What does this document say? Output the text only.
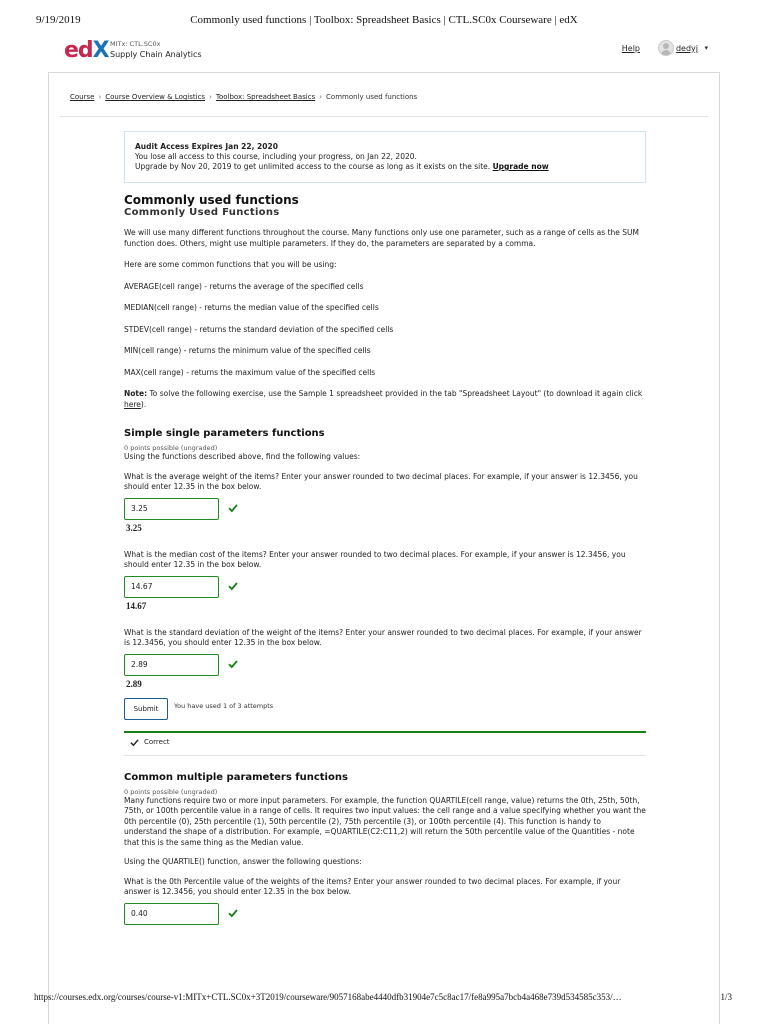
9/19/2019	Commonly used functions | Toolbox: Spreadsheet Basics | CTL.SC0x Courseware | edX
edX MITx: CTL.SC0x
Supply Chain Analytics
Help	dedyj ▾
Course › Course Overview & Logistics › Toolbox: Spreadsheet Basics › Commonly used functions
Audit Access Expires Jan 22, 2020
You lose all access to this course, including your progress, on Jan 22, 2020.
Upgrade by Nov 20, 2019 to get unlimited access to the course as long as it exists on the site. Upgrade now
Commonly used functions
Commonly Used Functions

We will use many different functions throughout the course. Many functions only use one parameter, such as a range of cells as the SUM function does. Others, might use multiple parameters. If they do, the parameters are separated by a comma.

Here are some common functions that you will be using:

AVERAGE(cell range) - returns the average of the specified cells

MEDIAN(cell range) - returns the median value of the specified cells

STDEV(cell range) - returns the standard deviation of the specified cells

MIN(cell range) - returns the minimum value of the specified cells

MAX(cell range) - returns the maximum value of the specified cells

Note: To solve the following exercise, use the Sample 1 spreadsheet provided in the tab "Spreadsheet Layout" (to download it again click here).

Simple single parameters functions
0 points possible (ungraded)

Using the functions described above, find the following values:

What is the average weight of the items? Enter your answer rounded to two decimal places. For example, if your answer is 12.3456, you should enter 12.35 in the box below.

3.25
3.25

What is the median cost of the items? Enter your answer rounded to two decimal places. For example, if your answer is 12.3456, you should enter 12.35 in the box below.

14.67
14.67

What is the standard deviation of the weight of the items? Enter your answer rounded to two decimal places. For example, if your answer is 12.3456, you should enter 12.35 in the box below.

2.89
2.89
Submit	You have used 1 of 3 attempts
Correct
Common multiple parameters functions
0 points possible (ungraded)

Many functions require two or more input parameters. For example, the function QUARTILE(cell range, value) returns the 0th, 25th, 50th, 75th, or 100th percentile value in a range of cells. It requires two input values: the cell range and a value specifying whether you want the 0th percentile (0), 25th percentile (1), 50th percentile (2), 75th percentile (3), or 100th percentile (4). This function is handy to understand the shape of a distribution. For example, =QUARTILE(C2:C11,2) will return the 50th percentile value of the Quantities - note that this is the same thing as the Median value.

Using the QUARTILE() function, answer the following questions:

What is the 0th Percentile value of the weights of the items? Enter your answer rounded to two decimal places. For example, if your answer is 12.3456, you should enter 12.35 in the box below.

0.40
https://courses.edx.org/courses/course-v1:MITx+CTL.SC0x+3T2019/courseware/9057168abe4440dfb31904e7c5c8ac17/fe8a995a7bcb4a468e739d534585c353/…	1/3
